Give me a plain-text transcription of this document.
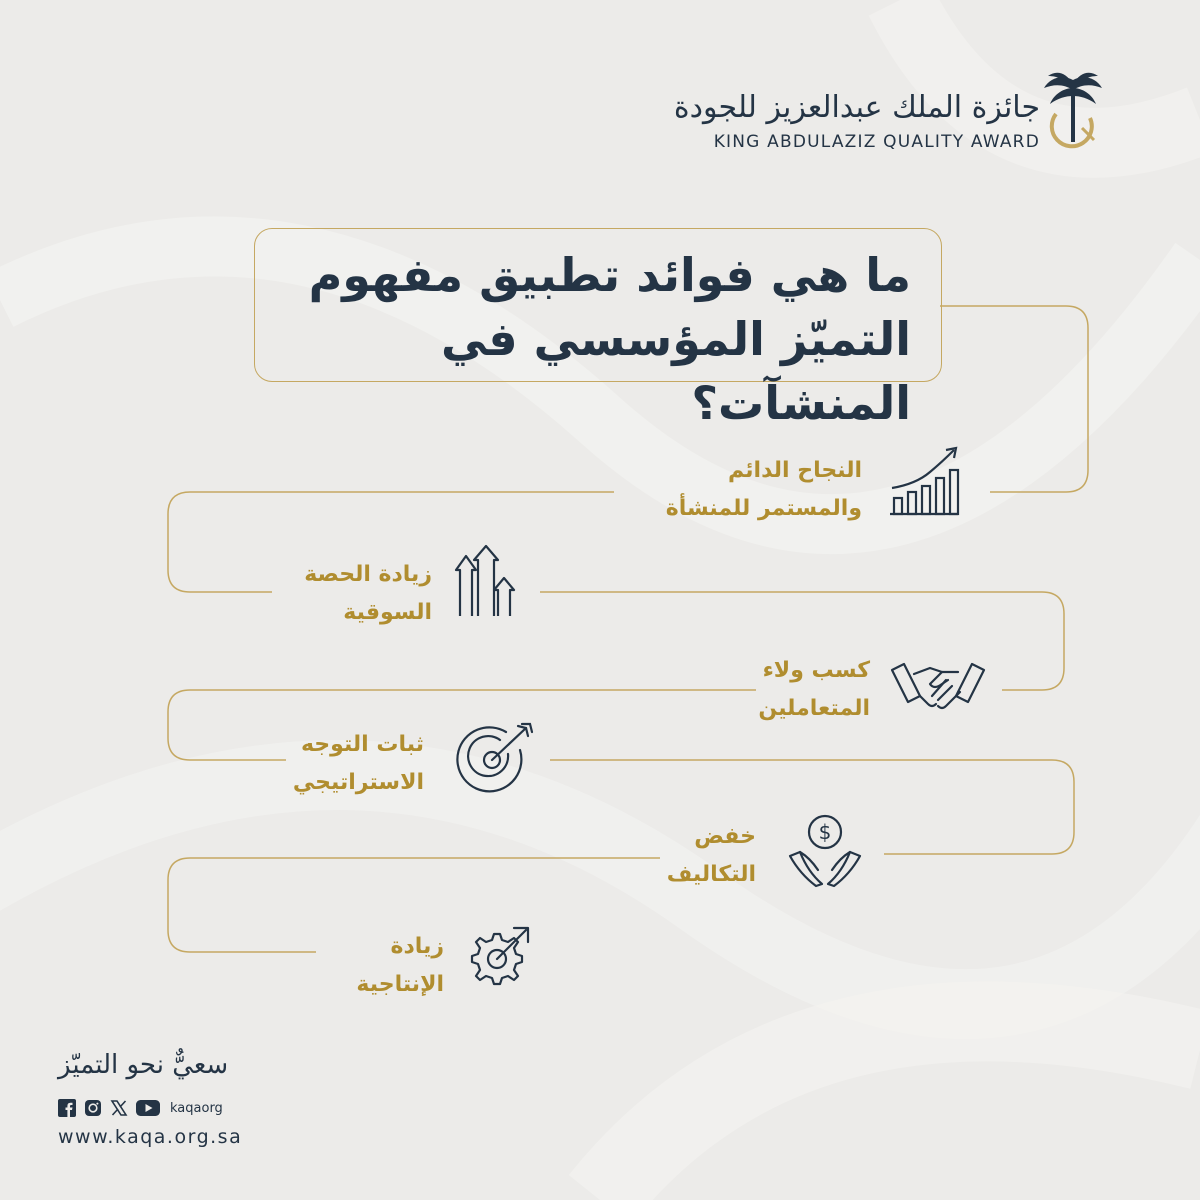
جائزة الملك عبدالعزيز للجودة
KING ABDULAZIZ QUALITY AWARD
ما هي فوائد تطبيق مفهوم
التميّز المؤسسي في المنشآت؟
النجاح الدائم
والمستمر للمنشأة
زيادة الحصة
السوقية
كسب ولاء
المتعاملين
ثبات التوجه
الاستراتيجي
خفض
التكاليف
$
زيادة
الإنتاجية
سعيٌّ نحو التميّز
kaqaorg
www.kaqa.org.sa
